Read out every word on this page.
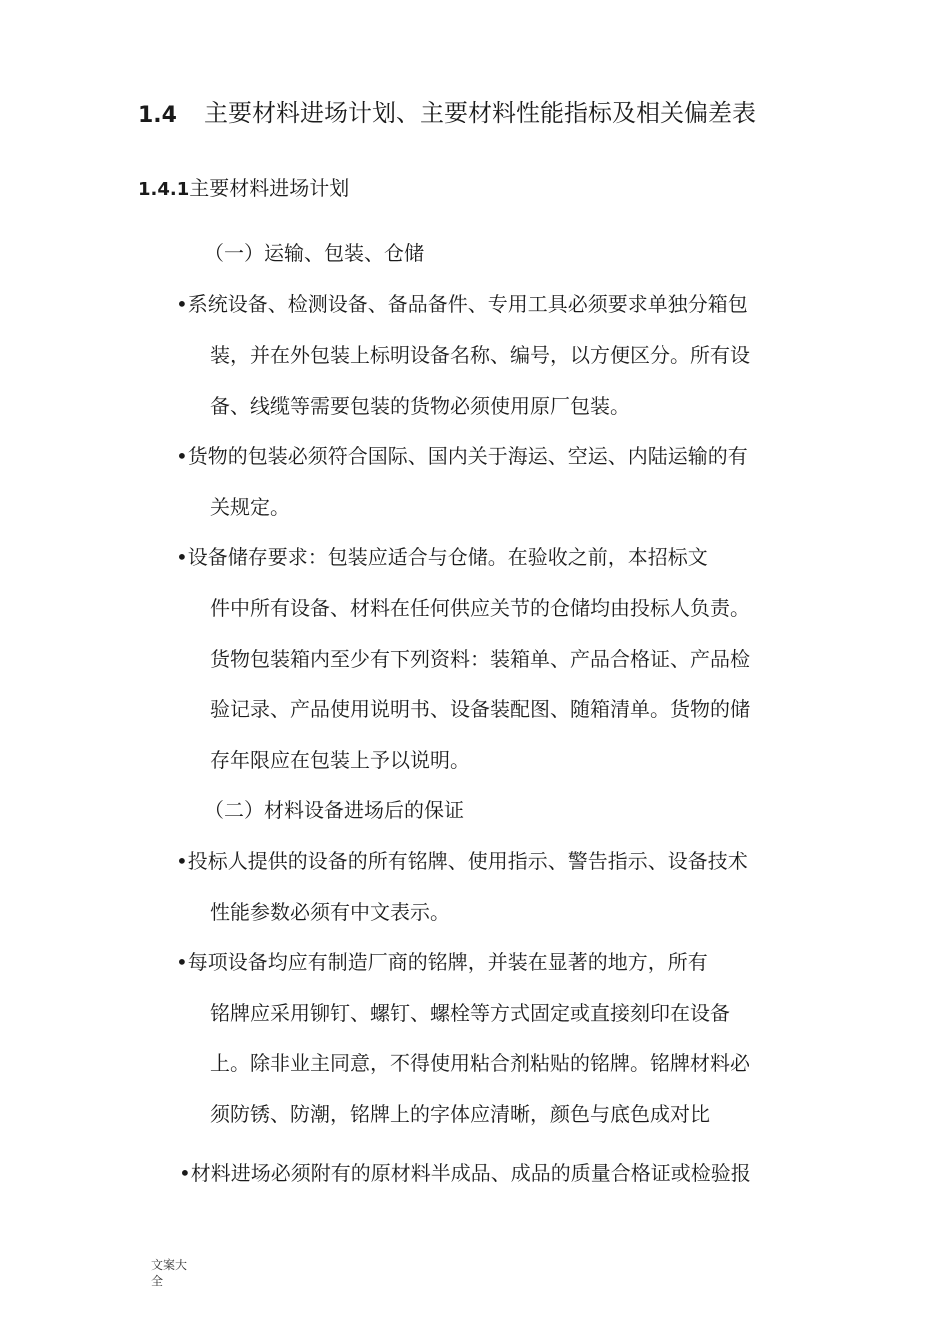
1.4 主要材料进场计划、主要材料性能指标及相关偏差表
1.4.1主要材料进场计划
（一）运输、包装、仓储
•系统设备、检测设备、备品备件、专用工具必须要求单独分箱包
装，并在外包装上标明设备名称、编号，以方便区分。所有设
备、线缆等需要包装的货物必须使用原厂包装。
•货物的包装必须符合国际、国内关于海运、空运、内陆运输的有
关规定。
•设备储存要求：包装应适合与仓储。在验收之前，本招标文
件中所有设备、材料在任何供应关节的仓储均由投标人负责。
货物包装箱内至少有下列资料：装箱单、产品合格证、产品检
验记录、产品使用说明书、设备装配图、随箱清单。货物的储
存年限应在包装上予以说明。
（二）材料设备进场后的保证
•投标人提供的设备的所有铭牌、使用指示、警告指示、设备技术
性能参数必须有中文表示。
•每项设备均应有制造厂商的铭牌，并装在显著的地方，所有
铭牌应采用铆钉、螺钉、螺栓等方式固定或直接刻印在设备
上。除非业主同意，不得使用粘合剂粘贴的铭牌。铭牌材料必
须防锈、防潮，铭牌上的字体应清晰，颜色与底色成对比
•材料进场必须附有的原材料半成品、成品的质量合格证或检验报
文案大
全
